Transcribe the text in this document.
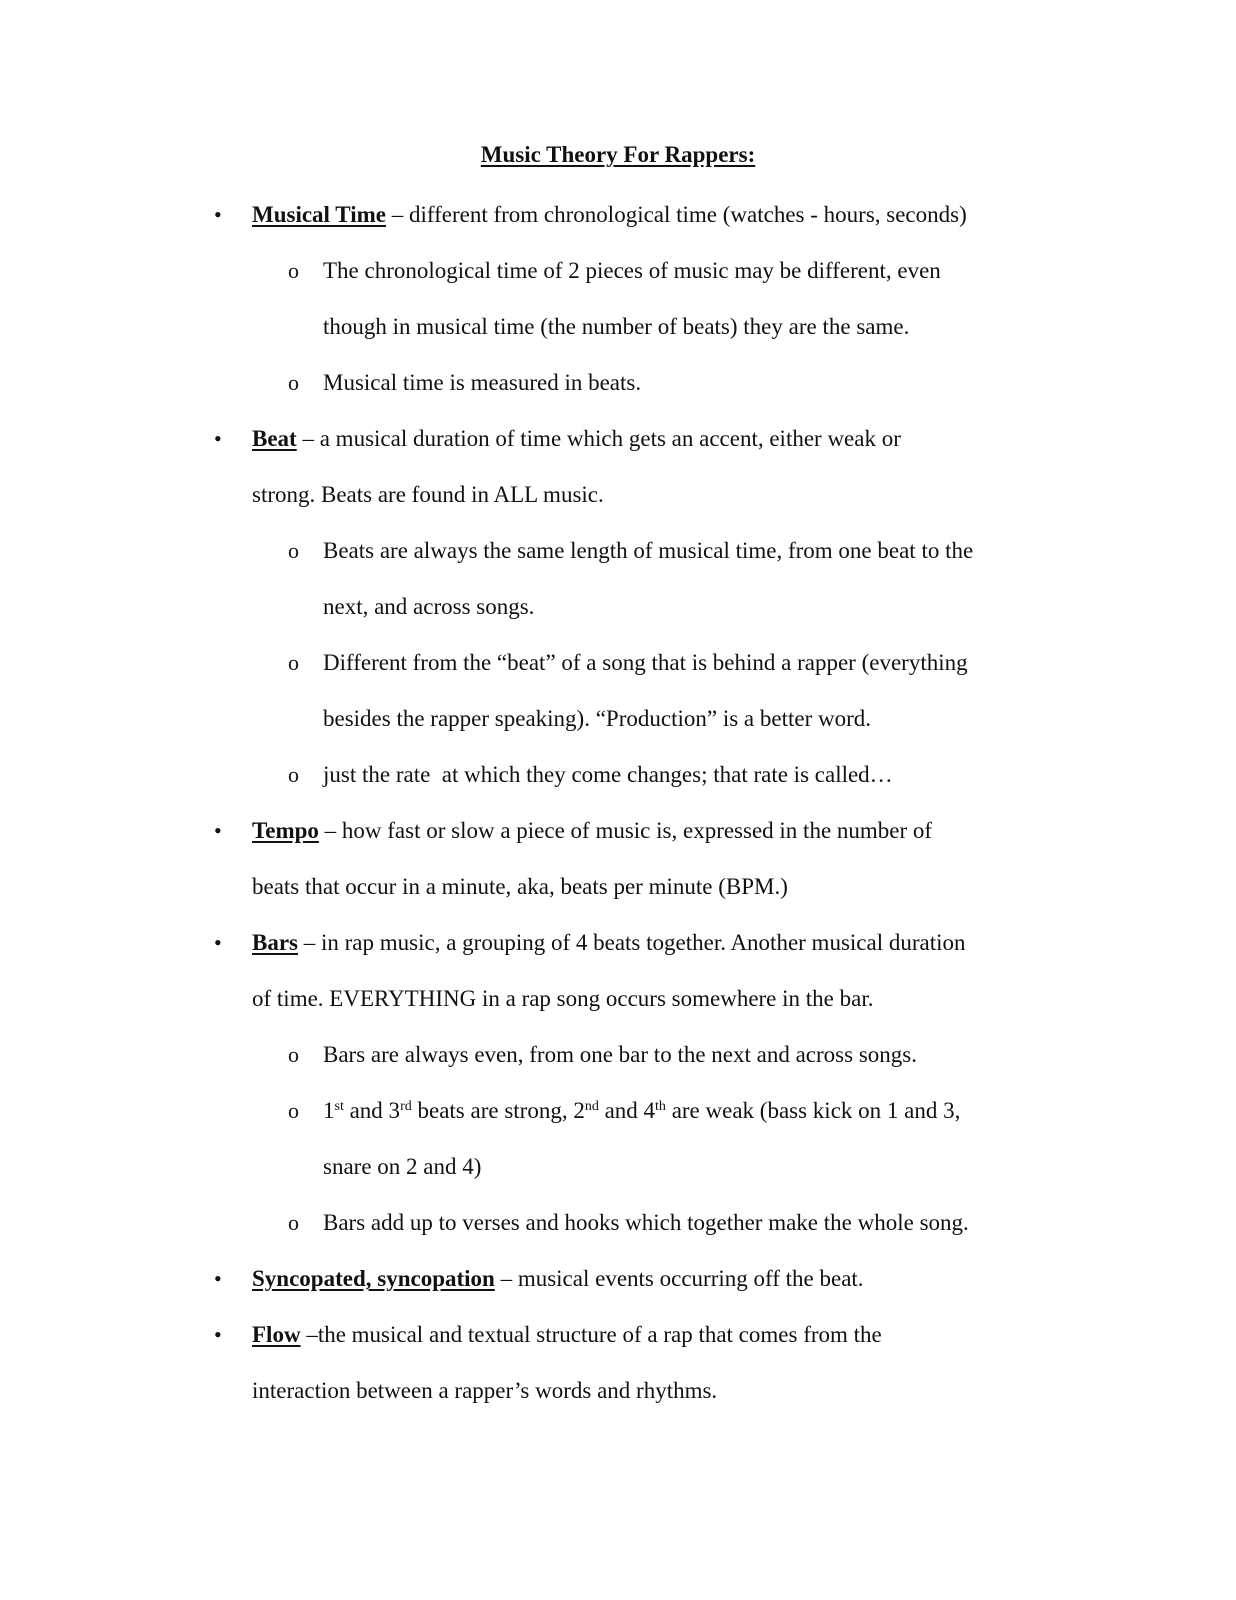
Music Theory For Rappers:
• Musical Time – different from chronological time (watches - hours, seconds)
o The chronological time of 2 pieces of music may be different, even
though in musical time (the number of beats) they are the same.
o Musical time is measured in beats.
• Beat – a musical duration of time which gets an accent, either weak or
strong. Beats are found in ALL music.
o Beats are always the same length of musical time, from one beat to the
next, and across songs.
o Different from the “beat” of a song that is behind a rapper (everything
besides the rapper speaking). “Production” is a better word.
o just the rate  at which they come changes; that rate is called…
• Tempo – how fast or slow a piece of music is, expressed in the number of
beats that occur in a minute, aka, beats per minute (BPM.)
• Bars – in rap music, a grouping of 4 beats together. Another musical duration
of time. EVERYTHING in a rap song occurs somewhere in the bar.
o Bars are always even, from one bar to the next and across songs.
o 1st and 3rd beats are strong, 2nd and 4th are weak (bass kick on 1 and 3,
snare on 2 and 4)
o Bars add up to verses and hooks which together make the whole song.
• Syncopated, syncopation – musical events occurring off the beat.
• Flow –the musical and textual structure of a rap that comes from the
interaction between a rapper’s words and rhythms.
